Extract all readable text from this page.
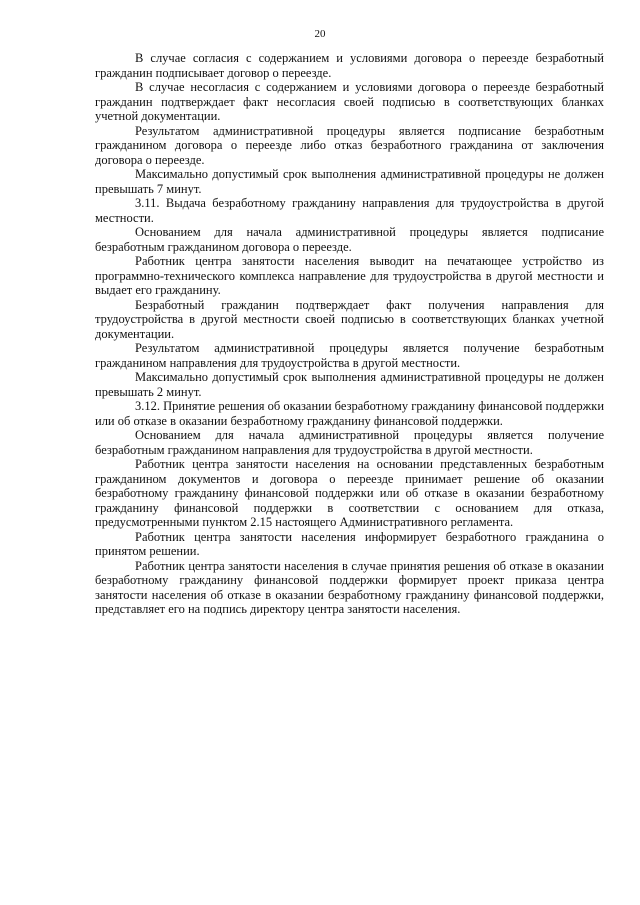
20

В случае согласия с содержанием и условиями договора о переезде безработный гражданин подписывает договор о переезде.

В случае несогласия с содержанием и условиями договора о переезде безработный гражданин подтверждает факт несогласия своей подписью в соответствующих бланках учетной документации.

Результатом административной процедуры является подписание безработным гражданином договора о переезде либо отказ безработного гражданина от заключения договора о переезде.

Максимально допустимый срок выполнения административной процедуры не должен превышать 7 минут.

3.11. Выдача безработному гражданину направления для трудоустройства в другой местности.

Основанием для начала административной процедуры является подписание безработным гражданином договора о переезде.

Работник центра занятости населения выводит на печатающее устройство из программно-технического комплекса направление для трудоустройства в другой местности и выдает его гражданину.

Безработный гражданин подтверждает факт получения направления для трудоустройства в другой местности своей подписью в соответствующих бланках учетной документации.

Результатом административной процедуры является получение безработным гражданином направления для трудоустройства в другой местности.

Максимально допустимый срок выполнения административной процедуры не должен превышать 2 минут.

3.12. Принятие решения об оказании безработному гражданину финансовой поддержки или об отказе в оказании безработному гражданину финансовой поддержки.

Основанием для начала административной процедуры является получение безработным гражданином направления для трудоустройства в другой местности.

Работник центра занятости населения на основании представленных безработным гражданином документов и договора о переезде принимает решение об оказании безработному гражданину финансовой поддержки или об отказе в оказании безработному гражданину финансовой поддержки в соответствии с основанием для отказа, предусмотренными пунктом 2.15 настоящего Административного регламента.

Работник центра занятости населения информирует безработного гражданина о принятом решении.

Работник центра занятости населения в случае принятия решения об отказе в оказании безработному гражданину финансовой поддержки формирует проект приказа центра занятости населения об отказе в оказании безработному гражданину финансовой поддержки, представляет его на подпись директору центра занятости населения.
